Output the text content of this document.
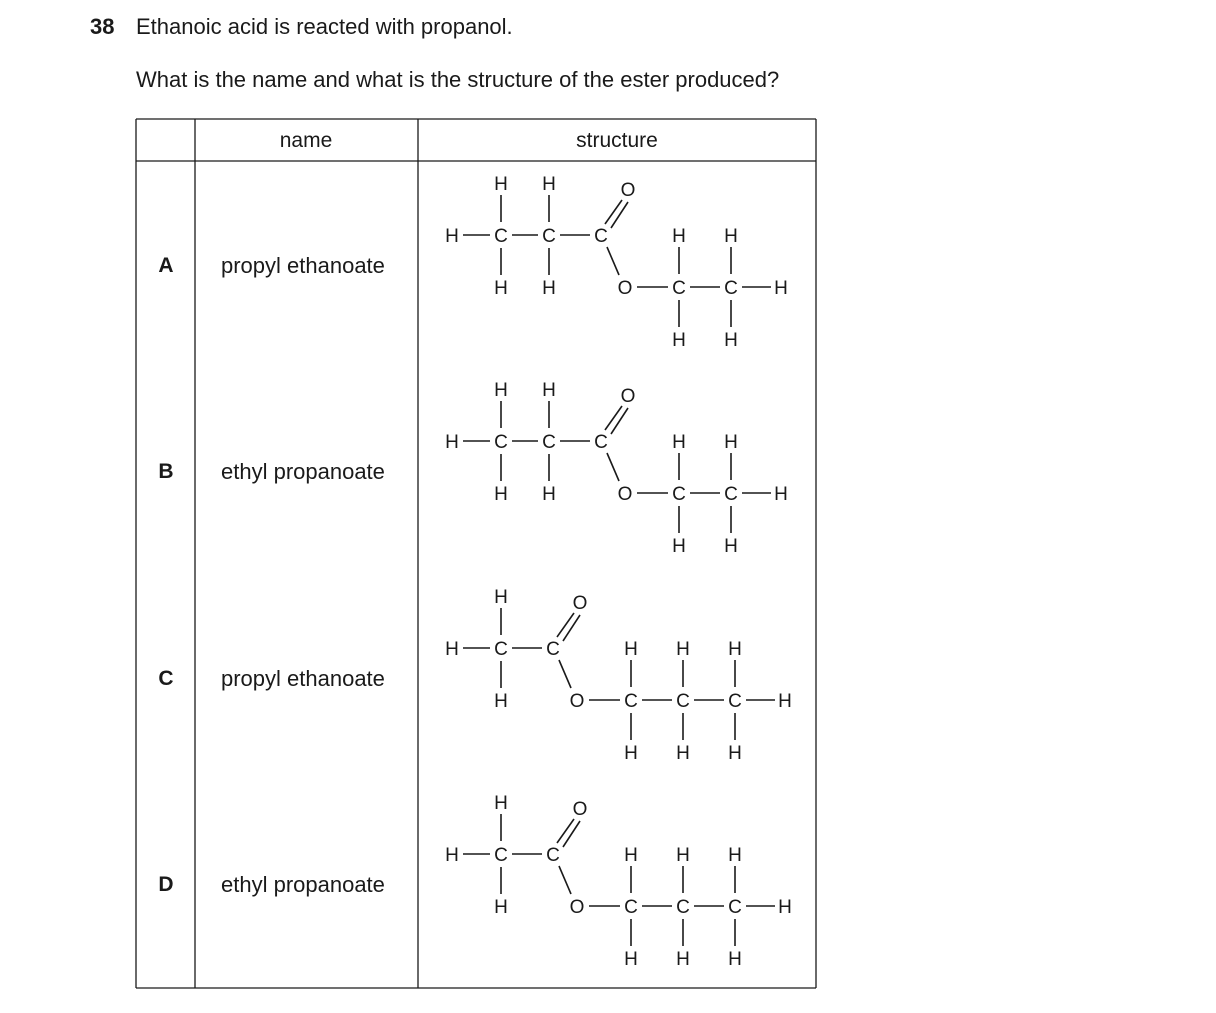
38 Ethanoic acid is reacted with propanol.
What is the name and what is the structure of the ester produced?
name	structure
A propyl ethanoate
H C
H
H
C
H
H
C
O
O C
H
H
C
H
H
H
B ethyl propanoate
H C
H
H
C
H
H
C
O
O C
H
H
C
H
H
H
C propyl ethanoate
H C
H
H
C
O
O C
H
H
C
H
H
C
H
H
H
D ethyl propanoate
H C
H
H
C
O
O C
H
H
C
H
H
C
H
H
H
